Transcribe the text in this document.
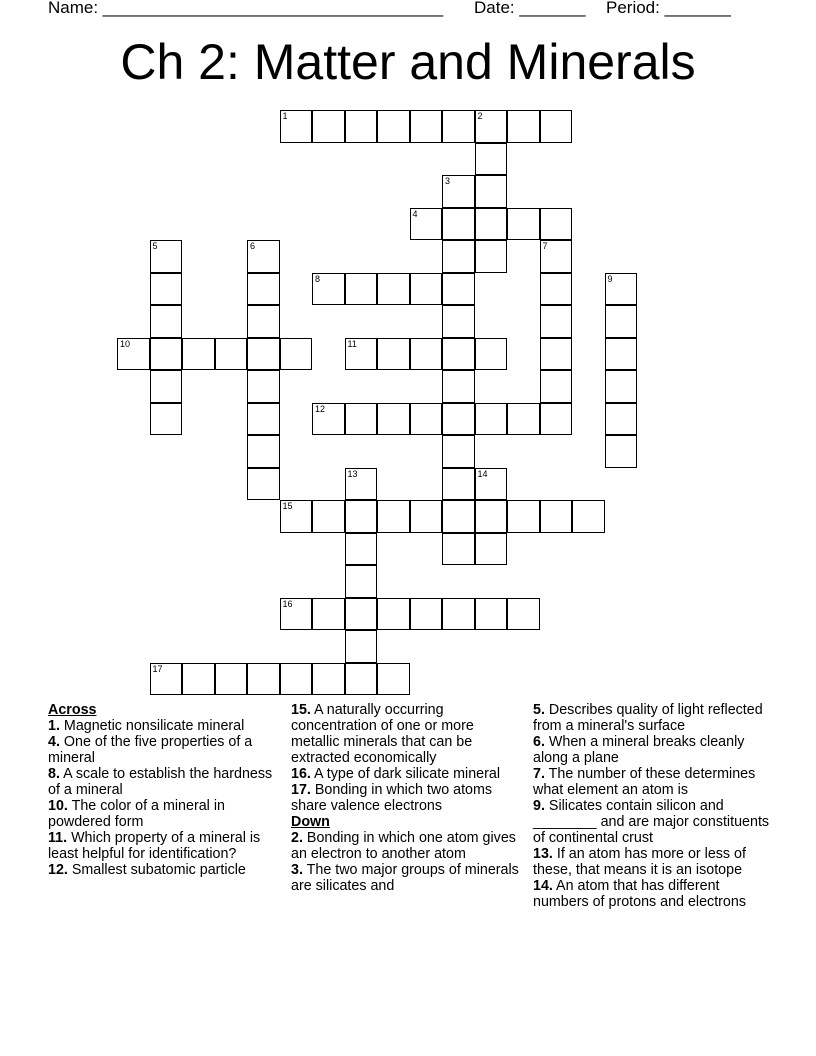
Name: ____________________________________ Date: _______ Period: _______
Ch 2: Matter and Minerals
1	2
3
4
5	6	7
8	9
10	11
12
13	14
15
16
17
Across
1. Magnetic nonsilicate mineral
4. One of the five properties of a mineral
8. A scale to establish the hardness of a mineral
10. The color of a mineral in powdered form
11. Which property of a mineral is least helpful for identification?
12. Smallest subatomic particle
15. A naturally occurring concentration of one or more metallic minerals that can be extracted economically
16. A type of dark silicate mineral
17. Bonding in which two atoms share valence electrons
Down
2. Bonding in which one atom gives an electron to another atom
3. The two major groups of minerals are silicates and
5. Describes quality of light reflected from a mineral's surface
6. When a mineral breaks cleanly along a plane
7. The number of these determines what element an atom is
9. Silicates contain silicon and ________ and are major constituents of continental crust
13. If an atom has more or less of these, that means it is an isotope
14. An atom that has different numbers of protons and electrons
